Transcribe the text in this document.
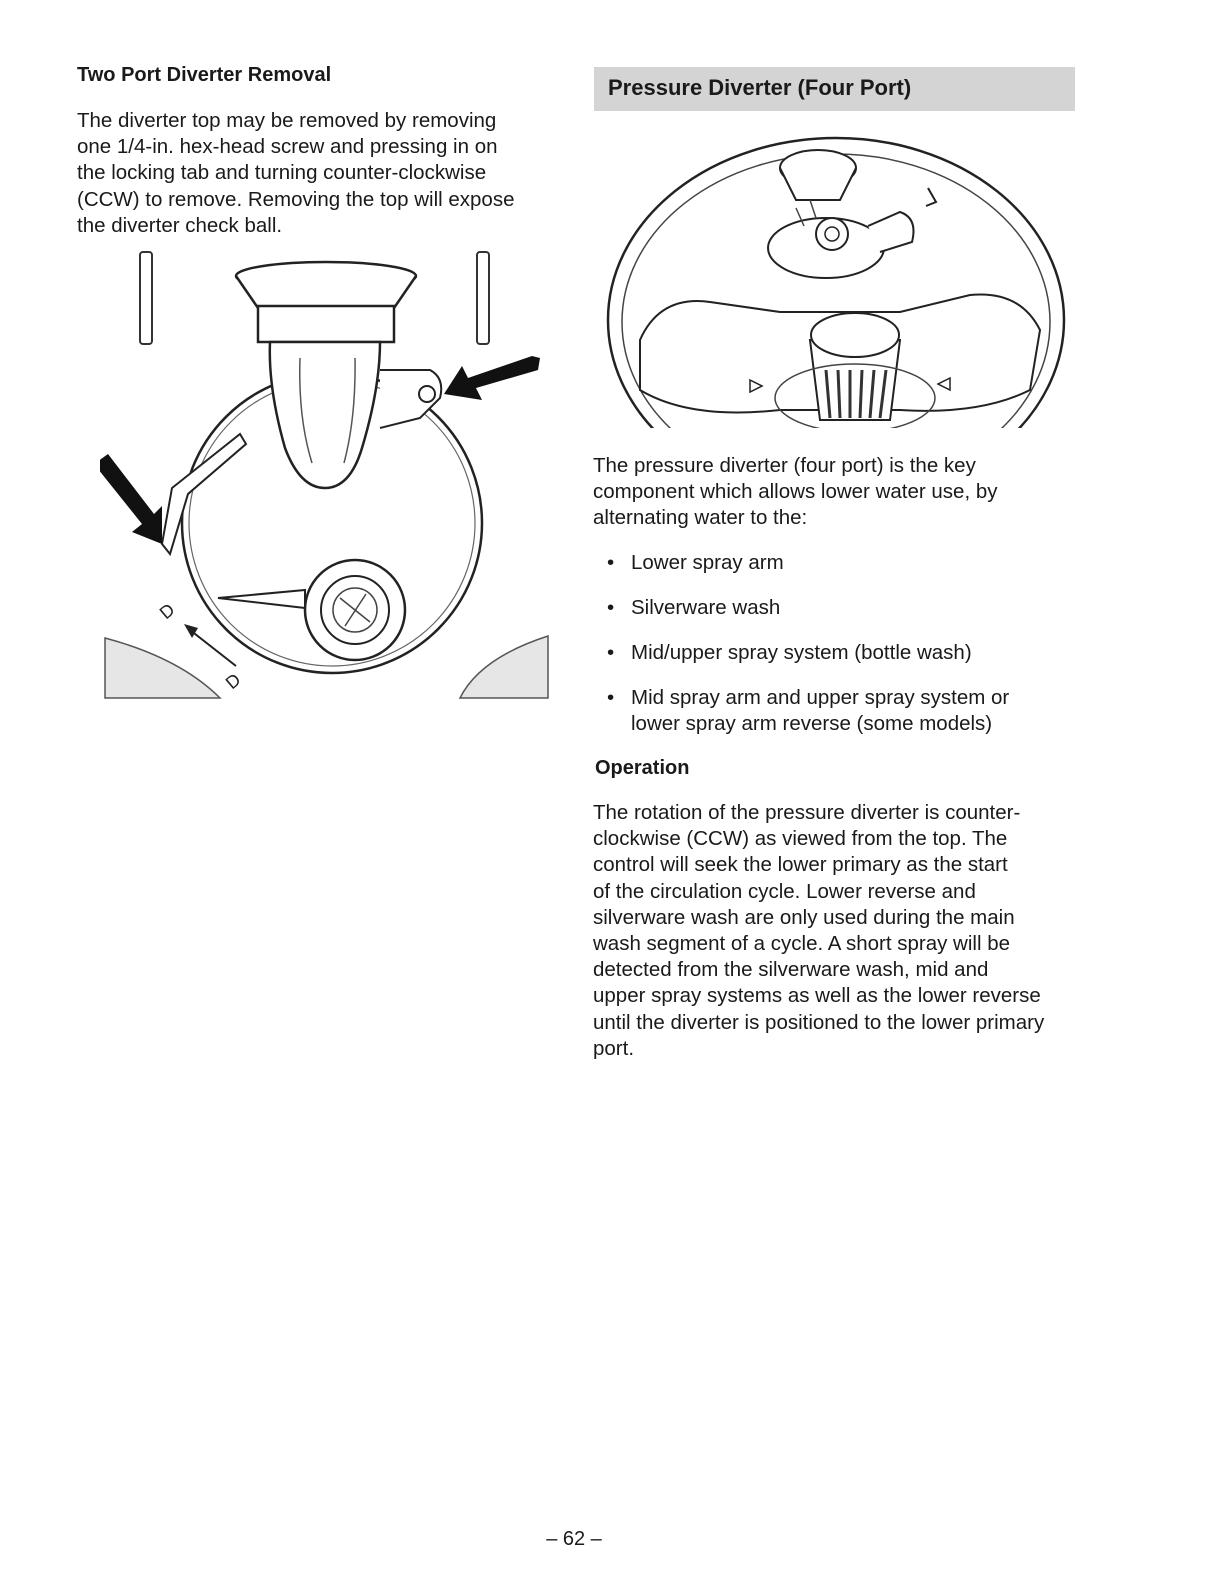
Two Port Diverter Removal
The diverter top may be removed by removing
one 1/4-in. hex-head screw and pressing in on
the locking tab and turning counter-clockwise
(CCW) to remove. Removing the top will expose
the diverter check ball.
D
D
Pressure Diverter (Four Port)
The pressure diverter (four port) is the key
component which allows lower water use, by
alternating water to the:
• Lower spray arm
• Silverware wash
• Mid/upper spray system (bottle wash)
• Mid spray arm and upper spray system or
lower spray arm reverse (some models)
Operation
The rotation of the pressure diverter is counter-
clockwise (CCW) as viewed from the top. The
control will seek the lower primary as the start
of the circulation cycle. Lower reverse and
silverware wash are only used during the main
wash segment of a cycle. A short spray will be
detected from the silverware wash, mid and
upper spray systems as well as the lower reverse
until the diverter is positioned to the lower primary
port.
– 62 –
